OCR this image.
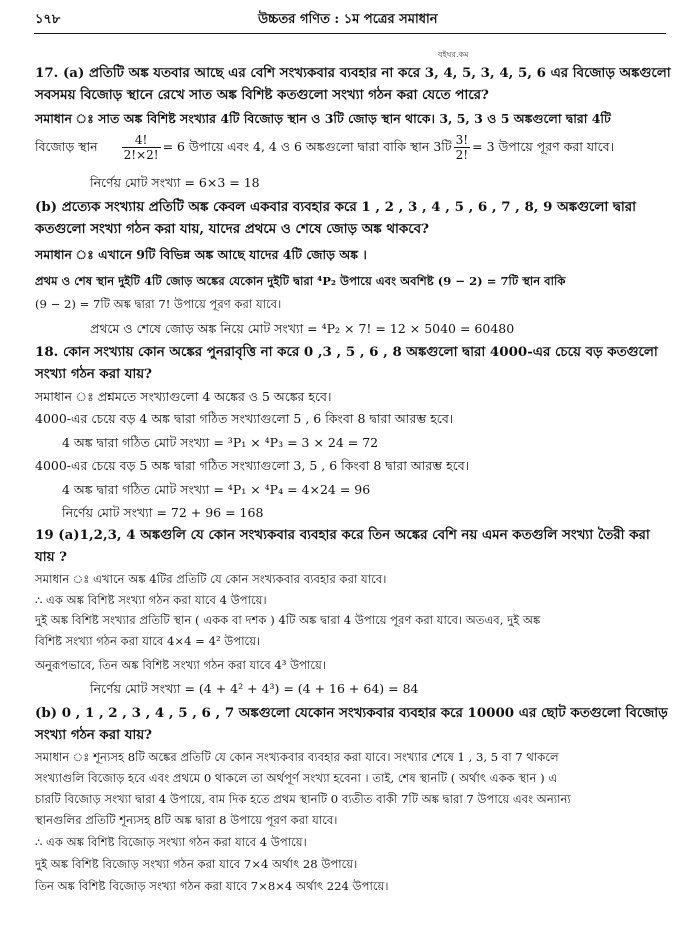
১৭৮	উচ্চতর গণিত : ১ম পত্রের সমাধান
বইঘর.কম
17. (a) প্রতিটি অঙ্ক যতবার আছে এর বেশি সংখ্যকবার ব্যবহার না করে 3, 4, 5, 3, 4, 5, 6 এর বিজোড় অঙ্কগুলো
সবসময় বিজোড় স্থানে রেখে সাত অঙ্ক বিশিষ্ট কতগুলো সংখ্যা গঠন করা যেতে পারে?
সমাধান ঃ সাত অঙ্ক বিশিষ্ট সংখ্যার 4টি বিজোড় স্থান ও 3টি জোড় স্থান থাকে। 3, 5, 3 ও 5 অঙ্কগুলো দ্বারা 4টি
বিজোড় স্থান $\frac{4!}{2!\times 2!} = 6$ উপায়ে এবং 4, 4 ও 6 অঙ্কগুলো দ্বারা বাকি স্থান 3টি $\frac{3!}{2!} = 3$ উপায়ে পূরণ করা যাবে।
নির্ণেয় মোট সংখ্যা = 6×3 = 18
(b) প্রত্যেক সংখ্যায় প্রতিটি অঙ্ক কেবল একবার ব্যবহার করে 1 , 2 , 3 , 4 , 5 , 6 , 7 , 8, 9 অঙ্কগুলো দ্বারা
কতগুলো সংখ্যা গঠন করা যায়, যাদের প্রথমে ও শেষে জোড় অঙ্ক থাকবে?
সমাধান ঃ এখানে 9টি বিভিন্ন অঙ্ক আছে যাদের 4টি জোড় অঙ্ক ।
প্রথম ও শেষ স্থান দুইটি 4টি জোড় অঙ্কের যেকোন দুইটি দ্বারা ⁴P₂ উপায়ে এবং অবশিষ্ট (9 − 2) = 7টি স্থান বাকি
(9 − 2) = 7টি অঙ্ক দ্বারা 7! উপায়ে পূরণ করা যাবে।
প্রথমে ও শেষে জোড় অঙ্ক নিয়ে মোট সংখ্যা = ⁴P₂ × 7! = 12 × 5040 = 60480
18. কোন সংখ্যায় কোন অঙ্কের পুনরাবৃত্তি না করে 0 ,3 , 5 , 6 , 8 অঙ্কগুলো দ্বারা 4000-এর চেয়ে বড় কতগুলো
সংখ্যা গঠন করা যায়?
সমাধান ঃ প্রশ্নমতে সংখ্যাগুলো 4 অঙ্কের ও 5 অঙ্কের হবে।
4000-এর চেয়ে বড় 4 অঙ্ক দ্বারা গঠিত সংখ্যাগুলো 5 , 6 কিংবা 8 দ্বারা আরম্ভ হবে।
4 অঙ্ক দ্বারা গঠিত মোট সংখ্যা = ³P₁ × ⁴P₃ = 3 × 24 = 72
4000-এর চেয়ে বড় 5 অঙ্ক দ্বারা গঠিত সংখ্যাগুলো 3, 5 , 6 কিংবা 8 দ্বারা আরম্ভ হবে।
4 অঙ্ক দ্বারা গঠিত মোট সংখ্যা = ⁴P₁ × ⁴P₄ = 4×24 = 96
নির্ণেয় মোট সংখ্যা = 72 + 96 = 168
19 (a)1,2,3, 4 অঙ্কগুলি যে কোন সংখ্যকবার ব্যবহার করে তিন অঙ্কের বেশি নয় এমন কতগুলি সংখ্যা তৈরী করা
যায় ?
সমাধান ঃ এখানে অঙ্ক 4টির প্রতিটি যে কোন সংখ্যকবার ব্যবহার করা যাবে।
∴ এক অঙ্ক বিশিষ্ট সংখ্যা গঠন করা যাবে 4 উপায়ে।
দুই অঙ্ক বিশিষ্ট সংখ্যার প্রতিটি স্থান ( একক বা দশক ) 4টি অঙ্ক দ্বারা 4 উপায়ে পূরণ করা যাবে। অতএব, দুই অঙ্ক
বিশিষ্ট সংখ্যা গঠন করা যাবে 4×4 = 4² উপায়ে।
অনুরূপভাবে, তিন অঙ্ক বিশিষ্ট সংখ্যা গঠন করা যাবে 4³ উপায়ে।
নির্ণেয় মোট সংখ্যা = (4 + 4² + 4³) = (4 + 16 + 64) = 84
(b) 0 , 1 , 2 , 3 , 4 , 5 , 6 , 7 অঙ্কগুলো যেকোন সংখ্যকবার ব্যবহার করে 10000 এর ছোট কতগুলো বিজোড়
সংখ্যা গঠন করা যায়?
সমাধান ঃ শূন্যসহ 8টি অঙ্কের প্রতিটি যে কোন সংখ্যকবার ব্যবহার করা যাবে। সংখ্যার শেষে 1 , 3, 5 বা 7 থাকলে
সংখ্যাগুলি বিজোড় হবে এবং প্রথমে 0 থাকলে তা অর্থপূর্ণ সংখ্যা হবেনা । তাই, শেষ স্থানটি ( অর্থাৎ একক স্থান ) এ
চারটি বিজোড় সংখ্যা দ্বারা 4 উপায়ে, বাম দিক হতে প্রথম স্থানটি 0 ব্যতীত বাকী 7টি অঙ্ক দ্বারা 7 উপায়ে এবং অন্যান্য
স্থানগুলির প্রতিটি শূন্যসহ 8টি অঙ্ক দ্বারা 8 উপায়ে পূরণ করা যাবে।
∴ এক অঙ্ক বিশিষ্ট বিজোড় সংখ্যা গঠন করা যাবে 4 উপায়ে।
দুই অঙ্ক বিশিষ্ট বিজোড় সংখ্যা গঠন করা যাবে 7×4 অর্থাৎ 28 উপায়ে।
তিন অঙ্ক বিশিষ্ট বিজোড় সংখ্যা গঠন করা যাবে 7×8×4 অর্থাৎ 224 উপায়ে।
